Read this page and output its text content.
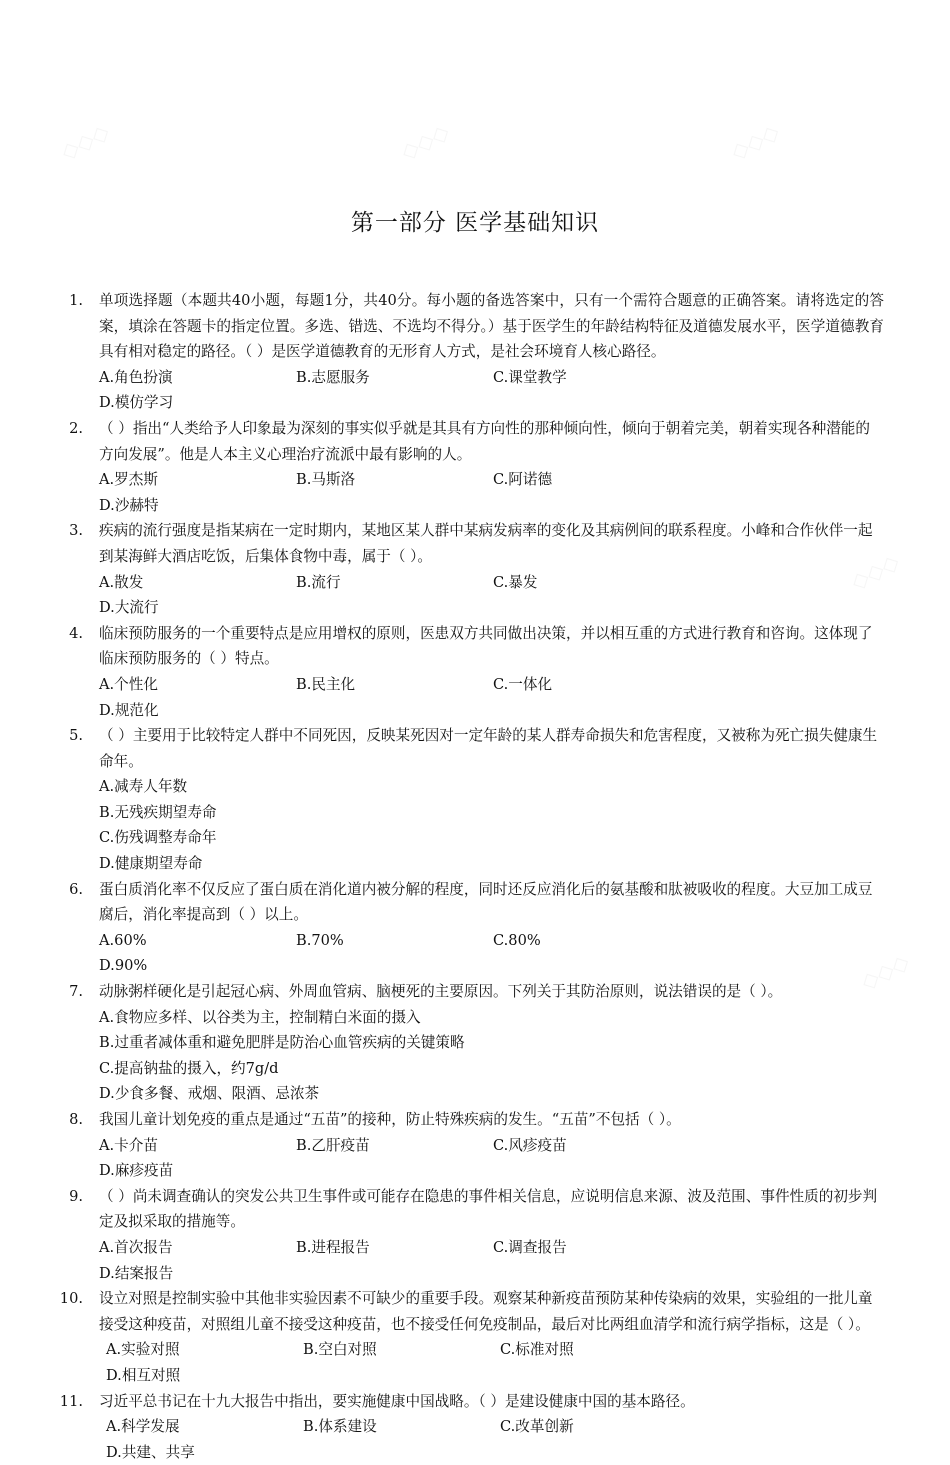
第一部分 医学基础知识
1. 单项选择题（本题共40小题，每题1分，共40分。每小题的备选答案中，只有一个需符合题意的正确答案。请将选定的答案，填涂在答题卡的指定位置。多选、错选、不选均不得分。）基于医学生的年龄结构特征及道德发展水平，医学道德教育具有相对稳定的路径。（ ）是医学道德教育的无形育人方式，是社会环境育人核心路径。
A.角色扮演	B.志愿服务	C.课堂教学
D.模仿学习
2. （ ）指出“人类给予人印象最为深刻的事实似乎就是其具有方向性的那种倾向性，倾向于朝着完美，朝着实现各种潜能的方向发展”。他是人本主义心理治疗流派中最有影响的人。
A.罗杰斯	B.马斯洛	C.阿诺德
D.沙赫特
3. 疾病的流行强度是指某病在一定时期内，某地区某人群中某病发病率的变化及其病例间的联系程度。小峰和合作伙伴一起到某海鲜大酒店吃饭，后集体食物中毒，属于（ ）。
A.散发	B.流行	C.暴发
D.大流行
4. 临床预防服务的一个重要特点是应用增权的原则，医患双方共同做出决策，并以相互重的方式进行教育和咨询。这体现了临床预防服务的（ ）特点。
A.个性化	B.民主化	C.一体化
D.规范化
5. （ ）主要用于比较特定人群中不同死因，反映某死因对一定年龄的某人群寿命损失和危害程度，又被称为死亡损失健康生命年。
A.减寿人年数
B.无残疾期望寿命
C.伤残调整寿命年
D.健康期望寿命
6. 蛋白质消化率不仅反应了蛋白质在消化道内被分解的程度，同时还反应消化后的氨基酸和肽被吸收的程度。大豆加工成豆腐后，消化率提高到（ ）以上。
A.60%	B.70%	C.80%
D.90%
7. 动脉粥样硬化是引起冠心病、外周血管病、脑梗死的主要原因。下列关于其防治原则，说法错误的是（ ）。
A.食物应多样、以谷类为主，控制精白米面的摄入
B.过重者减体重和避免肥胖是防治心血管疾病的关键策略
C.提高钠盐的摄入，约7g/d
D.少食多餐、戒烟、限酒、忌浓茶
8. 我国儿童计划免疫的重点是通过“五苗”的接种，防止特殊疾病的发生。“五苗”不包括（ ）。
A.卡介苗	B.乙肝疫苗	C.风疹疫苗
D.麻疹疫苗
9. （ ）尚未调查确认的突发公共卫生事件或可能存在隐患的事件相关信息，应说明信息来源、波及范围、事件性质的初步判定及拟采取的措施等。
A.首次报告	B.进程报告	C.调查报告
D.结案报告
10. 设立对照是控制实验中其他非实验因素不可缺少的重要手段。观察某种新疫苗预防某种传染病的效果，实验组的一批儿童接受这种疫苗，对照组儿童不接受这种疫苗，也不接受任何免疫制品，最后对比两组血清学和流行病学指标，这是（ ）。
A.实验对照	B.空白对照	C.标准对照
D.相互对照
11. 习近平总书记在十九大报告中指出，要实施健康中国战略。（ ）是建设健康中国的基本路径。
A.科学发展	B.体系建设	C.改革创新
D.共建、共享
